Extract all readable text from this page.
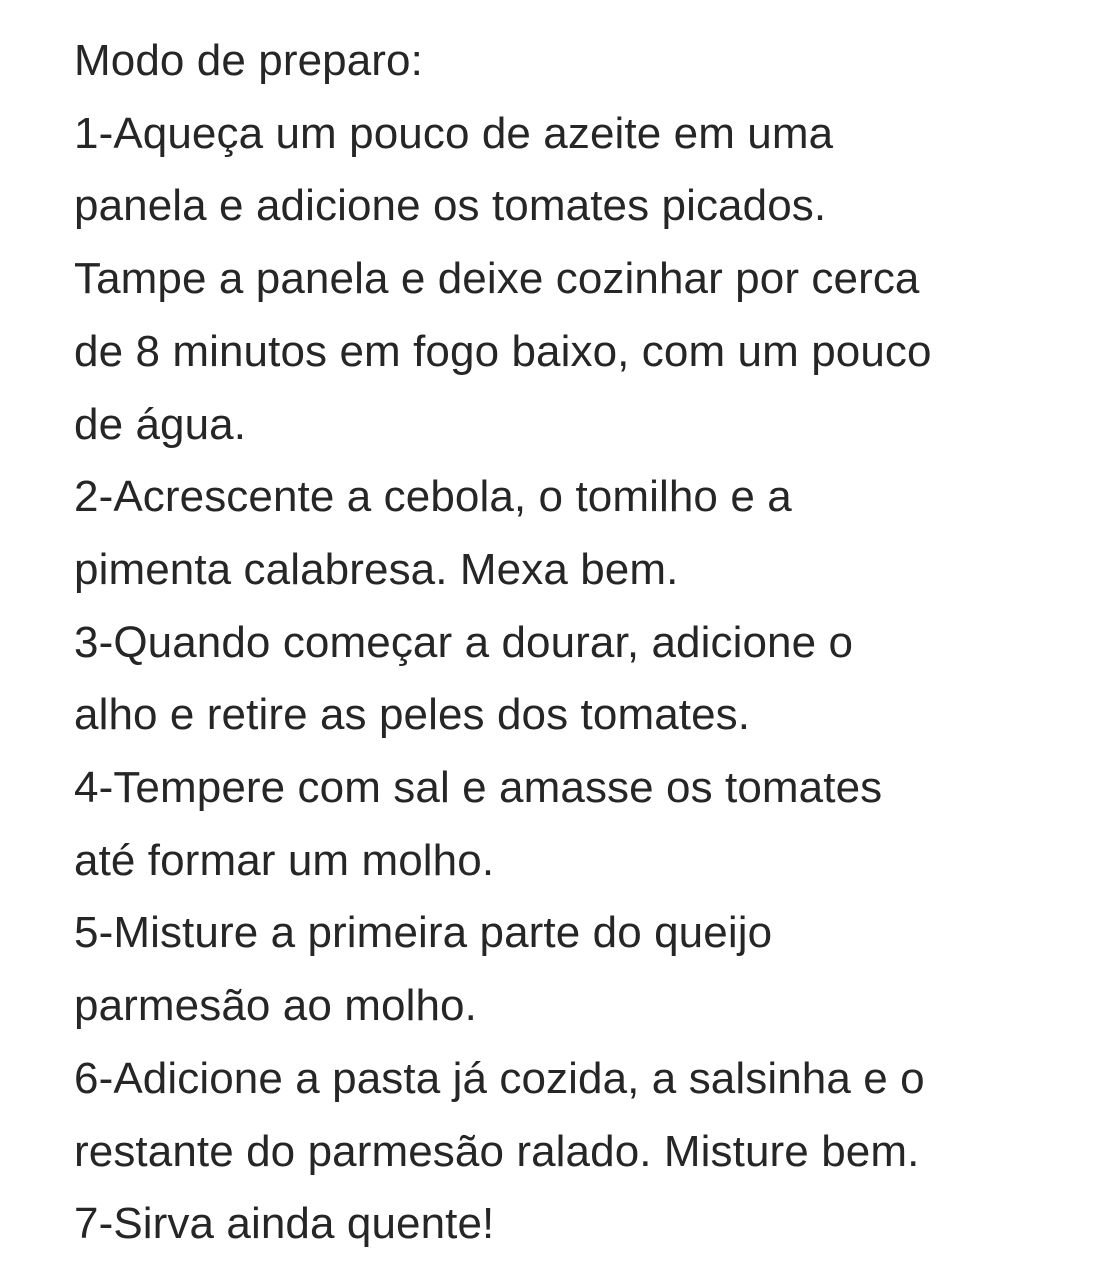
Modo de preparo:
1-Aqueça um pouco de azeite em uma
panela e adicione os tomates picados.
Tampe a panela e deixe cozinhar por cerca
de 8 minutos em fogo baixo, com um pouco
de água.
2-Acrescente a cebola, o tomilho e a
pimenta calabresa. Mexa bem.
3-Quando começar a dourar, adicione o
alho e retire as peles dos tomates.
4-Tempere com sal e amasse os tomates
até formar um molho.
5-Misture a primeira parte do queijo
parmesão ao molho.
6-Adicione a pasta já cozida, a salsinha e o
restante do parmesão ralado. Misture bem.
7-Sirva ainda quente!
